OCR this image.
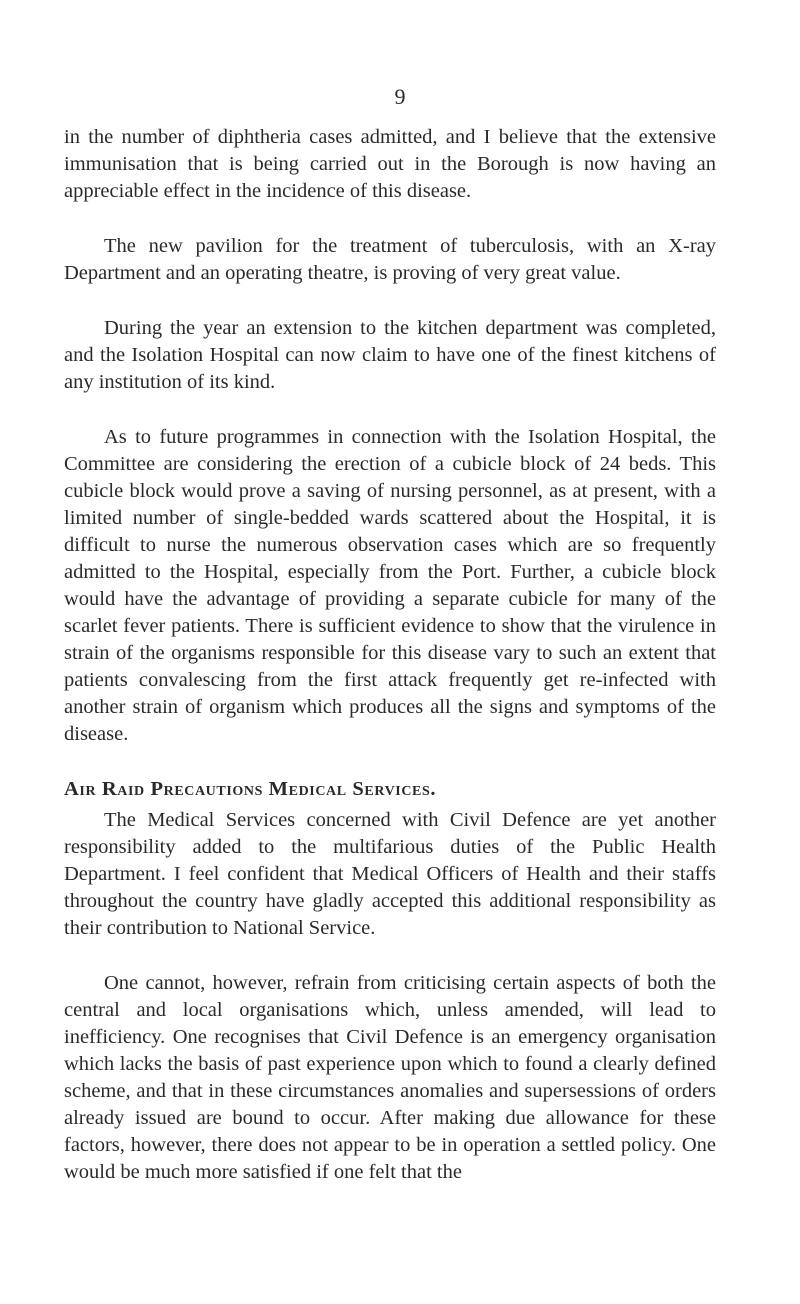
9

in the number of diphtheria cases admitted, and I believe that the extensive immunisation that is being carried out in the Borough is now having an appreciable effect in the incidence of this disease.

The new pavilion for the treatment of tuberculosis, with an X-ray Department and an operating theatre, is proving of very great value.

During the year an extension to the kitchen department was completed, and the Isolation Hospital can now claim to have one of the finest kitchens of any institution of its kind.

As to future programmes in connection with the Isolation Hospital, the Committee are considering the erection of a cubicle block of 24 beds. This cubicle block would prove a saving of nursing personnel, as at present, with a limited number of single-bedded wards scattered about the Hospital, it is difficult to nurse the numerous observation cases which are so frequently admitted to the Hospital, especially from the Port. Further, a cubicle block would have the advantage of providing a separate cubicle for many of the scarlet fever patients. There is sufficient evidence to show that the virulence in strain of the organisms responsible for this disease vary to such an extent that patients convalescing from the first attack frequently get re-infected with another strain of organism which produces all the signs and symptoms of the disease.

Air Raid Precautions Medical Services.

The Medical Services concerned with Civil Defence are yet another responsibility added to the multifarious duties of the Public Health Department. I feel confident that Medical Officers of Health and their staffs throughout the country have gladly accepted this additional responsibility as their contribution to National Service.

One cannot, however, refrain from criticising certain aspects of both the central and local organisations which, unless amended, will lead to inefficiency. One recognises that Civil Defence is an emergency organisation which lacks the basis of past experience upon which to found a clearly defined scheme, and that in these circumstances anomalies and supersessions of orders already issued are bound to occur. After making due allowance for these factors, however, there does not appear to be in operation a settled policy. One would be much more satisfied if one felt that the
